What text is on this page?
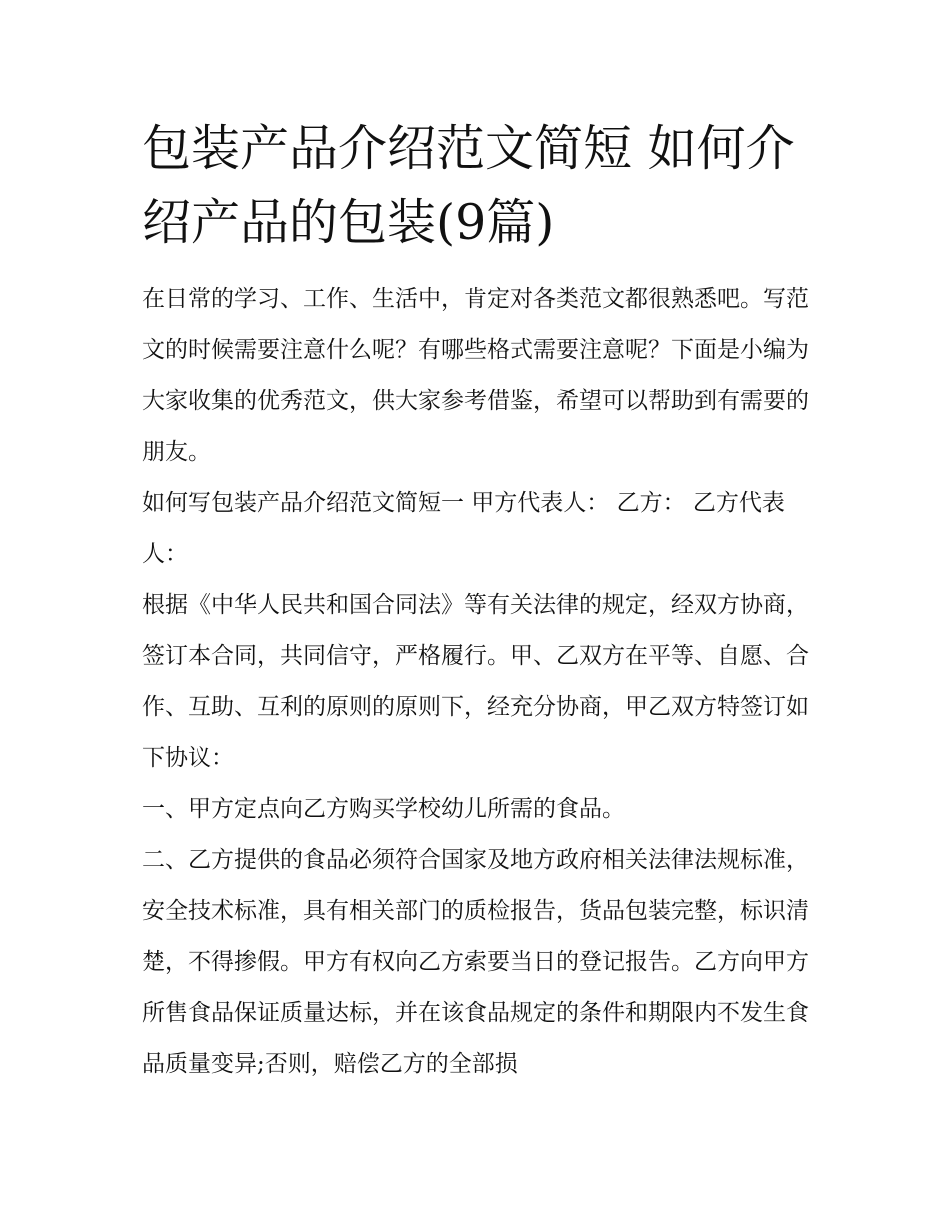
包装产品介绍范文简短 如何介绍产品的包装(9篇)

在日常的学习、工作、生活中，肯定对各类范文都很熟悉吧。写范文的时候需要注意什么呢？有哪些格式需要注意呢？下面是小编为大家收集的优秀范文，供大家参考借鉴，希望可以帮助到有需要的朋友。

如何写包装产品介绍范文简短一 甲方代表人： 乙方： 乙方代表人：

根据《中华人民共和国合同法》等有关法律的规定，经双方协商，签订本合同，共同信守，严格履行。甲、乙双方在平等、自愿、合作、互助、互利的原则的原则下，经充分协商，甲乙双方特签订如下协议：

一、甲方定点向乙方购买学校幼儿所需的食品。

二、乙方提供的食品必须符合国家及地方政府相关法律法规标准，安全技术标准，具有相关部门的质检报告，货品包装完整，标识清楚，不得掺假。甲方有权向乙方索要当日的登记报告。乙方向甲方所售食品保证质量达标，并在该食品规定的条件和期限内不发生食品质量变异;否则，赔偿乙方的全部损
